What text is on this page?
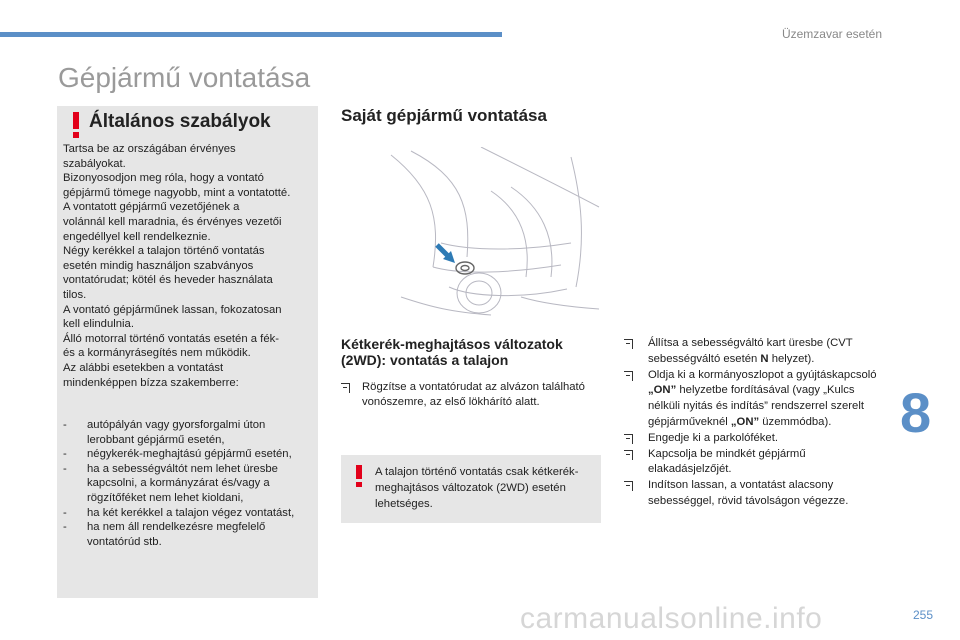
Üzemzavar esetén
Gépjármű vontatása
Általános szabályok
Tartsa be az országában érvényes
szabályokat.
Bizonyosodjon meg róla, hogy a vontató
gépjármű tömege nagyobb, mint a vontatotté.
A vontatott gépjármű vezetőjének a
volánnál kell maradnia, és érvényes vezetői
engedéllyel kell rendelkeznie.
Négy kerékkel a talajon történő vontatás
esetén mindig használjon szabványos
vontatórudat; kötél és heveder használata
tilos.
A vontató gépjárműnek lassan, fokozatosan
kell elindulnia.
Álló motorral történő vontatás esetén a fék-
és a kormányrásegítés nem működik.
Az alábbi esetekben a vontatást
mindenképpen bízza szakemberre:
- autópályán vagy gyorsforgalmi úton lerobbant gépjármű esetén,
- négykerék-meghajtású gépjármű esetén,
- ha a sebességváltót nem lehet üresbe kapcsolni, a kormányzárat és/vagy a rögzítőféket nem lehet kioldani,
- ha két kerékkel a talajon végez vontatást,
- ha nem áll rendelkezésre megfelelő vontatórúd stb.
Saját gépjármű vontatása
Kétkerék-meghajtásos változatok (2WD): vontatás a talajon
Rögzítse a vontatórudat az alvázon található vonószemre, az első lökhárító alatt.
A talajon történő vontatás csak kétkerék-meghajtásos változatok (2WD) esetén lehetséges.
Állítsa a sebességváltó kart üresbe (CVT sebességváltó esetén N helyzet).
Oldja ki a kormányoszlopot a gyújtáskapcsoló „ON” helyzetbe fordításával (vagy „Kulcs nélküli nyitás és indítás” rendszerrel szerelt gépjárműveknél „ON” üzemmódba).
Engedje ki a parkolóféket.
Kapcsolja be mindkét gépjármű elakadásjelzőjét.
Indítson lassan, a vontatást alacsony sebességgel, rövid távolságon végezze.
8
carmanualsonline.info	255
